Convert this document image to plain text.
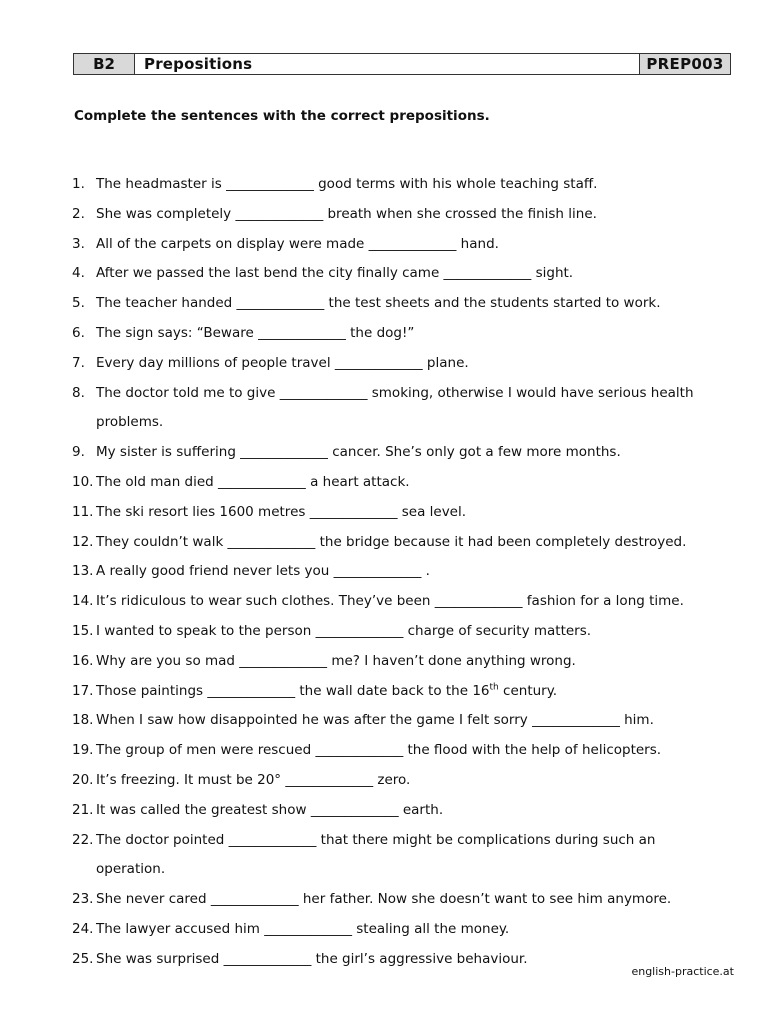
B2	Prepositions	PREP003
Complete the sentences with the correct prepositions.
1. The headmaster is _____________ good terms with his whole teaching staff.
2. She was completely _____________ breath when she crossed the finish line.
3. All of the carpets on display were made _____________ hand.
4. After we passed the last bend the city finally came _____________ sight.
5. The teacher handed _____________ the test sheets and the students started to work.
6. The sign says: “Beware _____________ the dog!”
7. Every day millions of people travel _____________ plane.
8. The doctor told me to give _____________ smoking, otherwise I would have serious health problems.
9. My sister is suffering _____________ cancer. She’s only got a few more months.
10. The old man died _____________ a heart attack.
11. The ski resort lies 1600 metres _____________ sea level.
12. They couldn’t walk _____________ the bridge because it had been completely destroyed.
13. A really good friend never lets you _____________ .
14. It’s ridiculous to wear such clothes. They’ve been _____________ fashion for a long time.
15. I wanted to speak to the person _____________ charge of security matters.
16. Why are you so mad _____________ me? I haven’t done anything wrong.
17. Those paintings _____________ the wall date back to the 16th century.
18. When I saw how disappointed he was after the game I felt sorry _____________ him.
19. The group of men were rescued _____________ the flood with the help of helicopters.
20. It’s freezing. It must be 20° _____________ zero.
21. It was called the greatest show _____________ earth.
22. The doctor pointed _____________ that there might be complications during such an operation.
23. She never cared _____________ her father. Now she doesn’t want to see him anymore.
24. The lawyer accused him _____________ stealing all the money.
25. She was surprised _____________ the girl’s aggressive behaviour.
english-practice.at
